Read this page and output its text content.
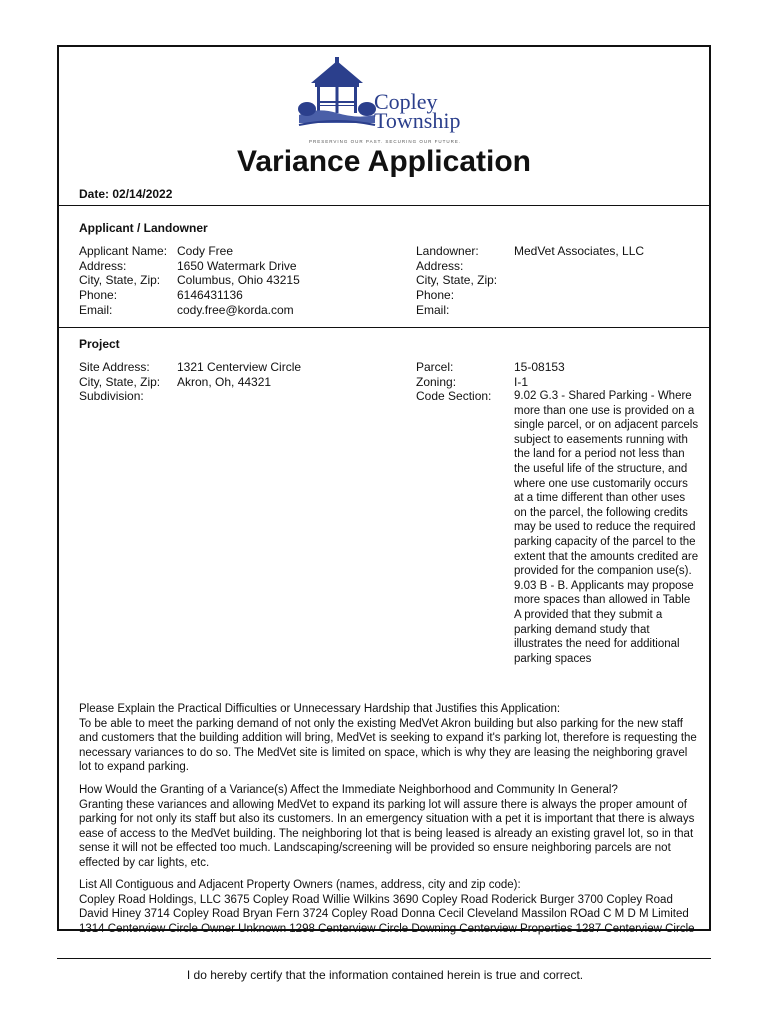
Copley
Township
PRESERVING OUR PAST. SECURING OUR FUTURE.
Variance Application
Date: 02/14/2022
Applicant / Landowner
Applicant Name:
Address:
City, State, Zip:
Phone:
Email:
Cody Free
1650 Watermark Drive
Columbus, Ohio 43215
6146431136
cody.free@korda.com
Landowner:
Address:
City, State, Zip:
Phone:
Email:
MedVet Associates, LLC
Project
Site Address:
City, State, Zip:
Subdivision:
1321 Centerview Circle
Akron, Oh, 44321
Parcel:
Zoning:
Code Section:
15-08153
I-1
9.02 G.3 - Shared Parking - Where more than one use is provided on a single parcel, or on adjacent parcels subject to easements running with the land for a period not less than the useful life of the structure, and where one use customarily occurs at a time different than other uses on the parcel, the following credits may be used to reduce the required parking capacity of the parcel to the extent that the amounts credited are provided for the companion use(s). 9.03 B - B. Applicants may propose more spaces than allowed in Table A provided that they submit a parking demand study that illustrates the need for additional parking spaces
Please Explain the Practical Difficulties or Unnecessary Hardship that Justifies this Application:
To be able to meet the parking demand of not only the existing MedVet Akron building but also parking for the new staff and customers that the building addition will bring, MedVet is seeking to expand it's parking lot, therefore is requesting the necessary variances to do so. The MedVet site is limited on space, which is why they are leasing the neighboring gravel lot to expand parking.
How Would the Granting of a Variance(s) Affect the Immediate Neighborhood and Community In General?
Granting these variances and allowing MedVet to expand its parking lot will assure there is always the proper amount of parking for not only its staff but also its customers. In an emergency situation with a pet it is important that there is always ease of access to the MedVet building. The neighboring lot that is being leased is already an existing gravel lot, so in that sense it will not be effected too much. Landscaping/screening will be provided so ensure neighboring parcels are not effected by car lights, etc.
List All Contiguous and Adjacent Property Owners (names, address, city and zip code):
Copley Road Holdings, LLC 3675 Copley Road Willie Wilkins 3690 Copley Road Roderick Burger 3700 Copley Road David Hiney 3714 Copley Road Bryan Fern 3724 Copley Road Donna Cecil Cleveland Massilon ROad C M D M Limited 1314 Centerview Circle Owner Unknown 1298 Centerview Circle Downing Centerview Properties 1287 Centerview Circle
I do hereby certify that the information contained herein is true and correct.
